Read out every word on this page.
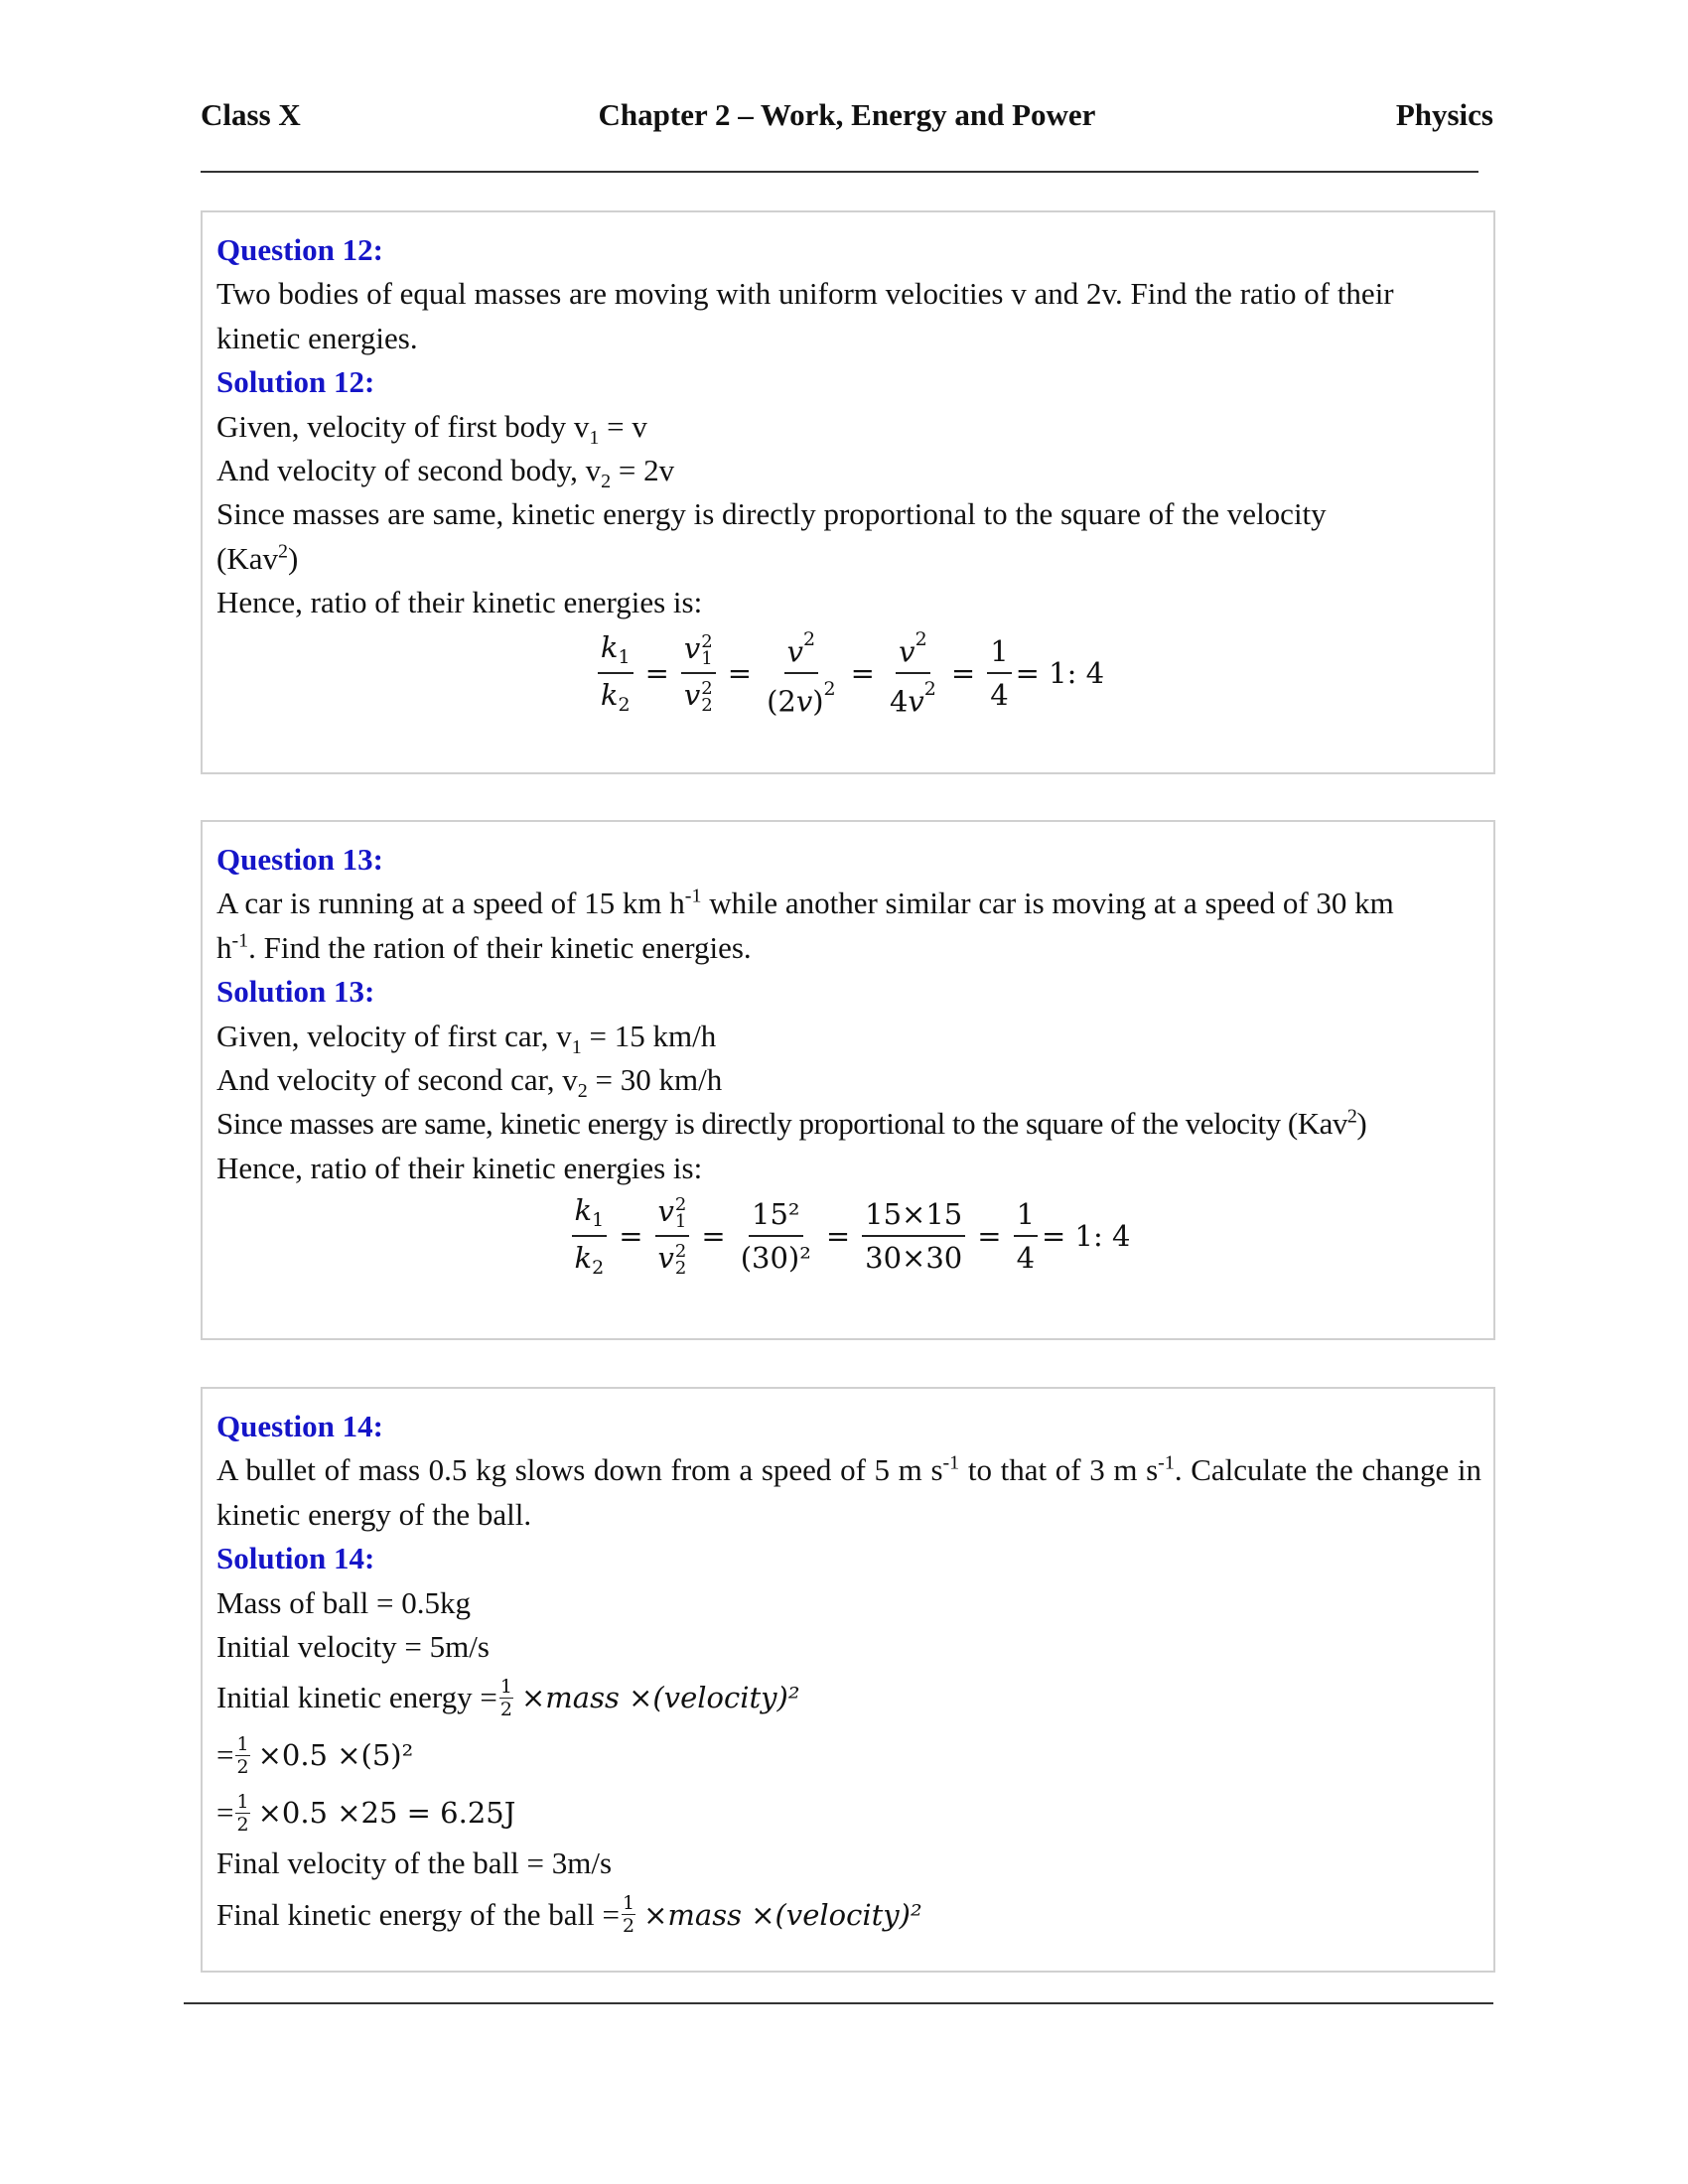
Class X	Chapter 2 – Work, Energy and Power	Physics
Question 12:
Two bodies of equal masses are moving with uniform velocities v and 2v. Find the ratio of their kinetic energies.
Solution 12:
Given, velocity of first body $v_1 = v$
And velocity of second body, $v_2 = 2v$
Since masses are same, kinetic energy is directly proportional to the square of the velocity
(Kav$^2$)
Hence, ratio of their kinetic energies is:
$\frac{k_1}{k_2} = v$ 2
1
v 2
$2 = \frac{v^2}{(2v)^2} = \frac{v^2}{4v^2} = \frac{1}{4} = 1$: 4
Question 13:
A car is running at a speed of 15 km $h^{-1}$ while another similar car is moving at a speed of 30 km
$h^{-1}$. Find the ration of their kinetic energies.
Solution 13:
Given, velocity of first car, $v_1 = 15$ km/h
And velocity of second car, $v_2 = 30$ km/h
Since masses are same, kinetic energy is directly proportional to the square of the velocity (Kav$^2$)
Hence, ratio of their kinetic energies is:
$\frac{k_1}{k_2} = v$ 2
1
v 2
$2 = \frac{\text{15²}}{\text{(30)²}} = \frac{15\times 15}{30\times 30} = \frac{1}{4} = 1$: 4
Question 14:
A bullet of mass 0.5 kg slows down from a speed of 5 m $s^{-1}$ to that of 3 m $s^{-1}$. Calculate the change in kinetic energy of the ball.
Solution 14:
Mass of ball = 0.5kg
Initial velocity = 5m/s
Initial kinetic energy = $\frac{1}{2}$ ×mass ×(velocity)²
= $\frac{1}{2} \times 0.5 \times(5)^2$
= $\frac{1}{2} \times 0.5 \times 25 = 6.25J$
Final velocity of the ball = 3m/s
Final kinetic energy of the ball = $\frac{1}{2}$ ×mass ×(velocity)²
